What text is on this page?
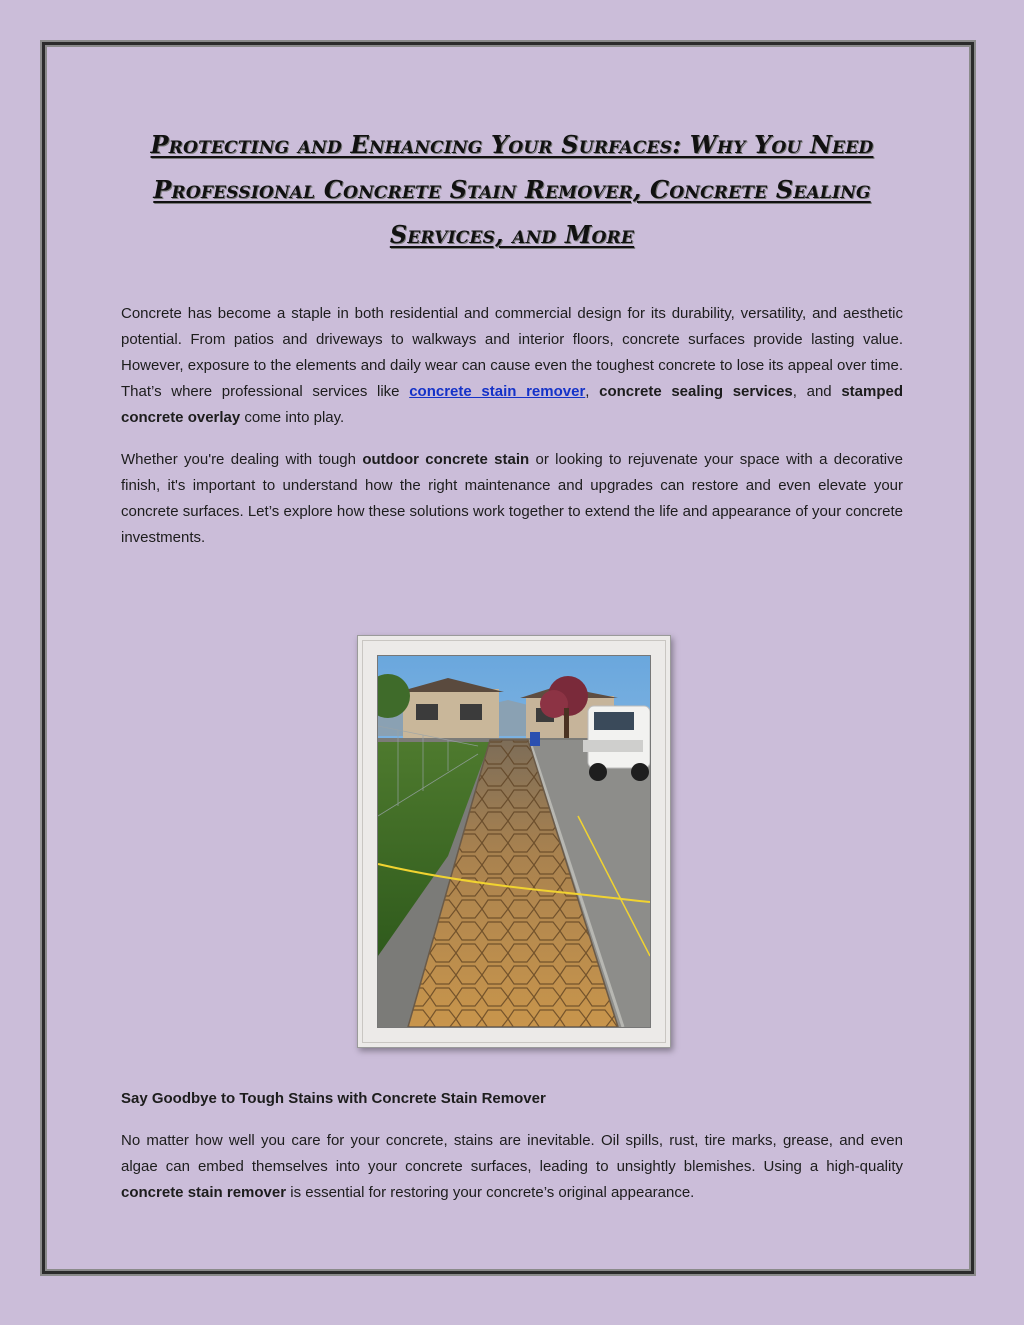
Protecting and Enhancing Your Surfaces: Why You Need Professional Concrete Stain Remover, Concrete Sealing Services, and More

Concrete has become a staple in both residential and commercial design for its durability, versatility, and aesthetic potential. From patios and driveways to walkways and interior floors, concrete surfaces provide lasting value. However, exposure to the elements and daily wear can cause even the toughest concrete to lose its appeal over time. That’s where professional services like concrete stain remover, concrete sealing services, and stamped concrete overlay come into play.

Whether you're dealing with tough outdoor concrete stain or looking to rejuvenate your space with a decorative finish, it's important to understand how the right maintenance and upgrades can restore and even elevate your concrete surfaces. Let’s explore how these solutions work together to extend the life and appearance of your concrete investments.

Say Goodbye to Tough Stains with Concrete Stain Remover

No matter how well you care for your concrete, stains are inevitable. Oil spills, rust, tire marks, grease, and even algae can embed themselves into your concrete surfaces, leading to unsightly blemishes. Using a high-quality concrete stain remover is essential for restoring your concrete’s original appearance.
